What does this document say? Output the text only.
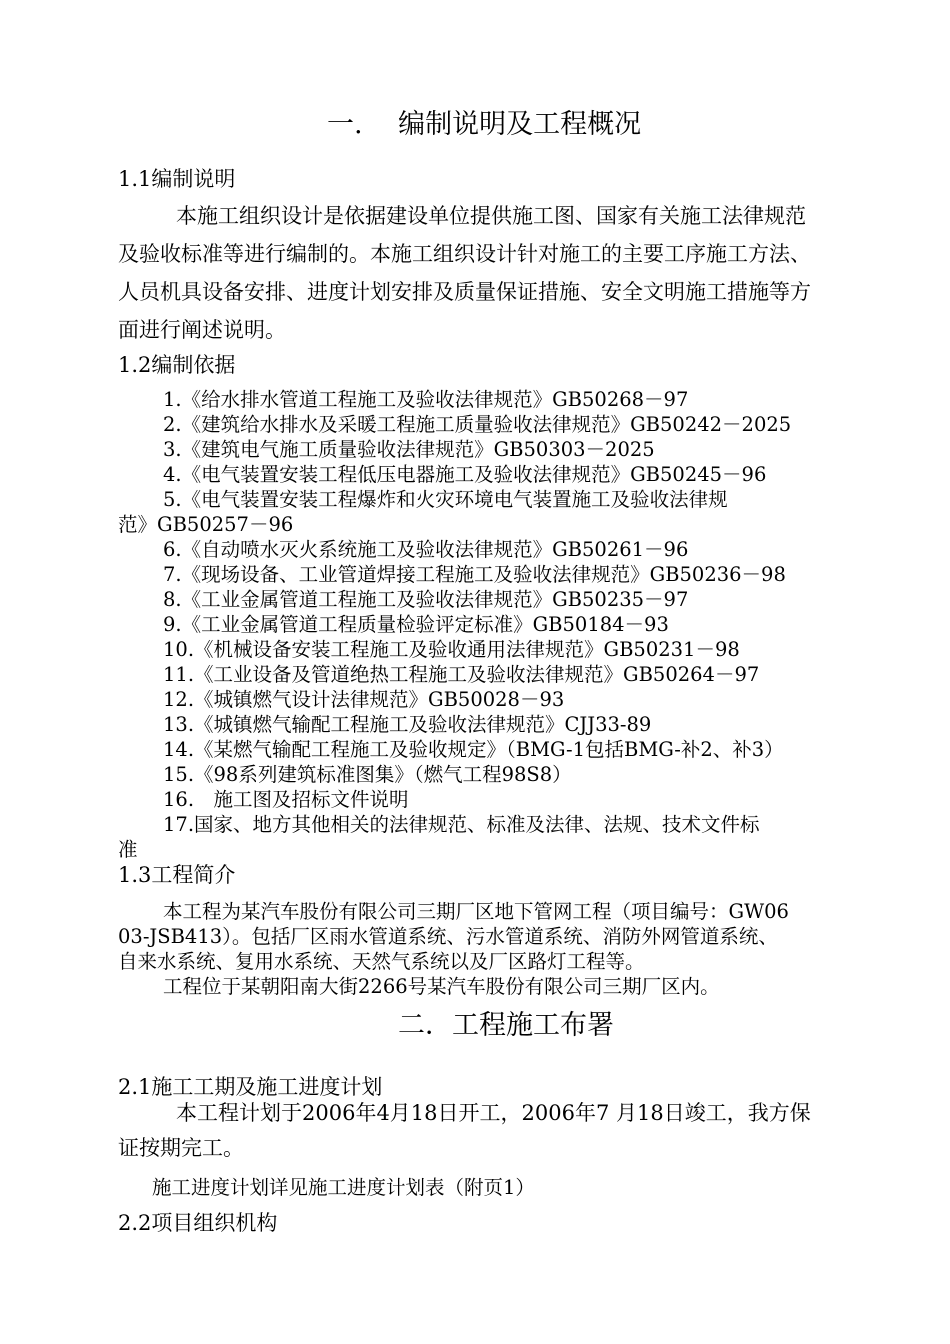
一.　 编制说明及工程概况
1.1编制说明
本施工组织设计是依据建设单位提供施工图、国家有关施工法律规范
及验收标准等进行编制的。本施工组织设计针对施工的主要工序施工方法、
人员机具设备安排、进度计划安排及质量保证措施、安全文明施工措施等方
面进行阐述说明。
1.2编制依据
1.《给水排水管道工程施工及验收法律规范》GB50268－97
2.《建筑给水排水及采暖工程施工质量验收法律规范》GB50242－2025
3.《建筑电气施工质量验收法律规范》GB50303－2025
4.《电气装置安装工程低压电器施工及验收法律规范》GB50245－96
5.《电气装置安装工程爆炸和火灾环境电气装置施工及验收法律规
范》GB50257－96
6.《自动喷水灭火系统施工及验收法律规范》GB50261－96
7.《现场设备、工业管道焊接工程施工及验收法律规范》GB50236－98
8.《工业金属管道工程施工及验收法律规范》GB50235－97
9.《工业金属管道工程质量检验评定标准》GB50184－93
10.《机械设备安装工程施工及验收通用法律规范》GB50231－98
11.《工业设备及管道绝热工程施工及验收法律规范》GB50264－97
12.《城镇燃气设计法律规范》GB50028－93
13.《城镇燃气输配工程施工及验收法律规范》CJJ33-89
14.《某燃气输配工程施工及验收规定》（BMG-1包括BMG-补2、补3）
15.《98系列建筑标准图集》（燃气工程98S8）
16.　施工图及招标文件说明
17.国家、地方其他相关的法律规范、标准及法律、法规、技术文件标
准
1.3工程简介
本工程为某汽车股份有限公司三期厂区地下管网工程（项目编号：GW06
03-JSB413）。包括厂区雨水管道系统、污水管道系统、消防外网管道系统、
自来水系统、复用水系统、天然气系统以及厂区路灯工程等。
工程位于某朝阳南大街2266号某汽车股份有限公司三期厂区内。
二．工程施工布署
2.1施工工期及施工进度计划
本工程计划于2006年4月18日开工，2006年7 月18日竣工，我方保
证按期完工。
施工进度计划详见施工进度计划表（附页1）
2.2项目组织机构
